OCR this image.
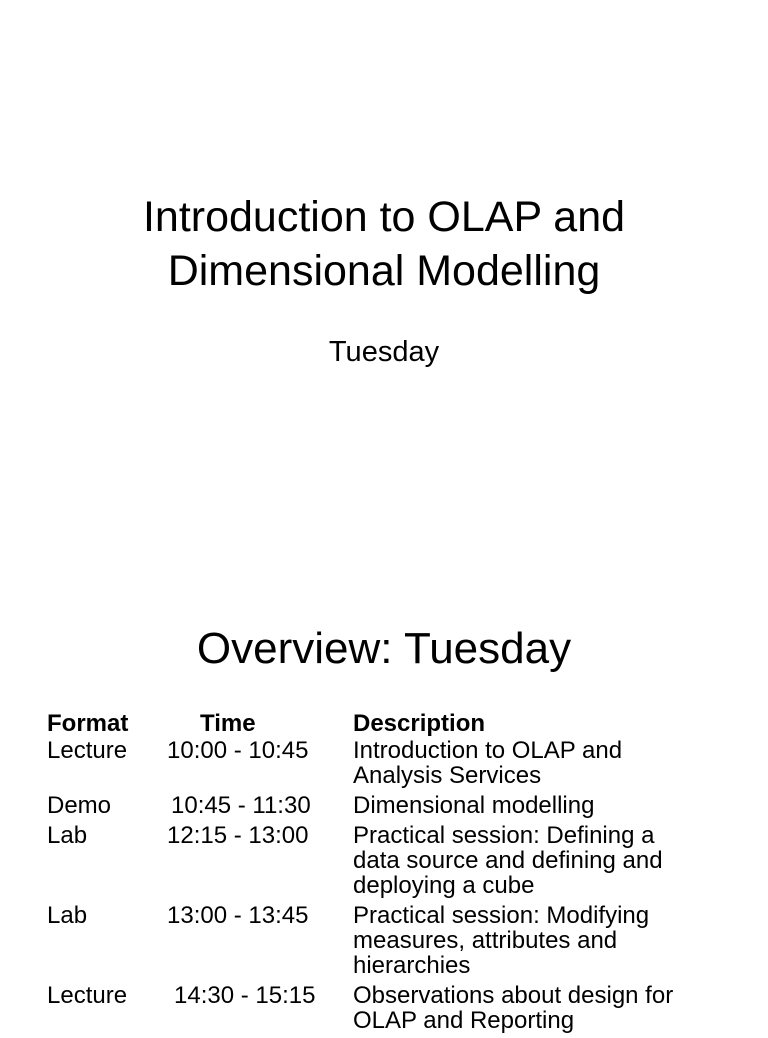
Introduction to OLAP and
Dimensional Modelling
Tuesday
Overview: Tuesday
Format	Time	Description
Lecture	10:00 - 10:45	Introduction to OLAP and
Analysis Services
Demo	10:45 - 11:30	Dimensional modelling
Lab	12:15 - 13:00	Practical session: Defining a
data source and defining and
deploying a cube
Lab	13:00 - 13:45	Practical session: Modifying
measures, attributes and
hierarchies
Lecture	14:30 - 15:15	Observations about design for
OLAP and Reporting
